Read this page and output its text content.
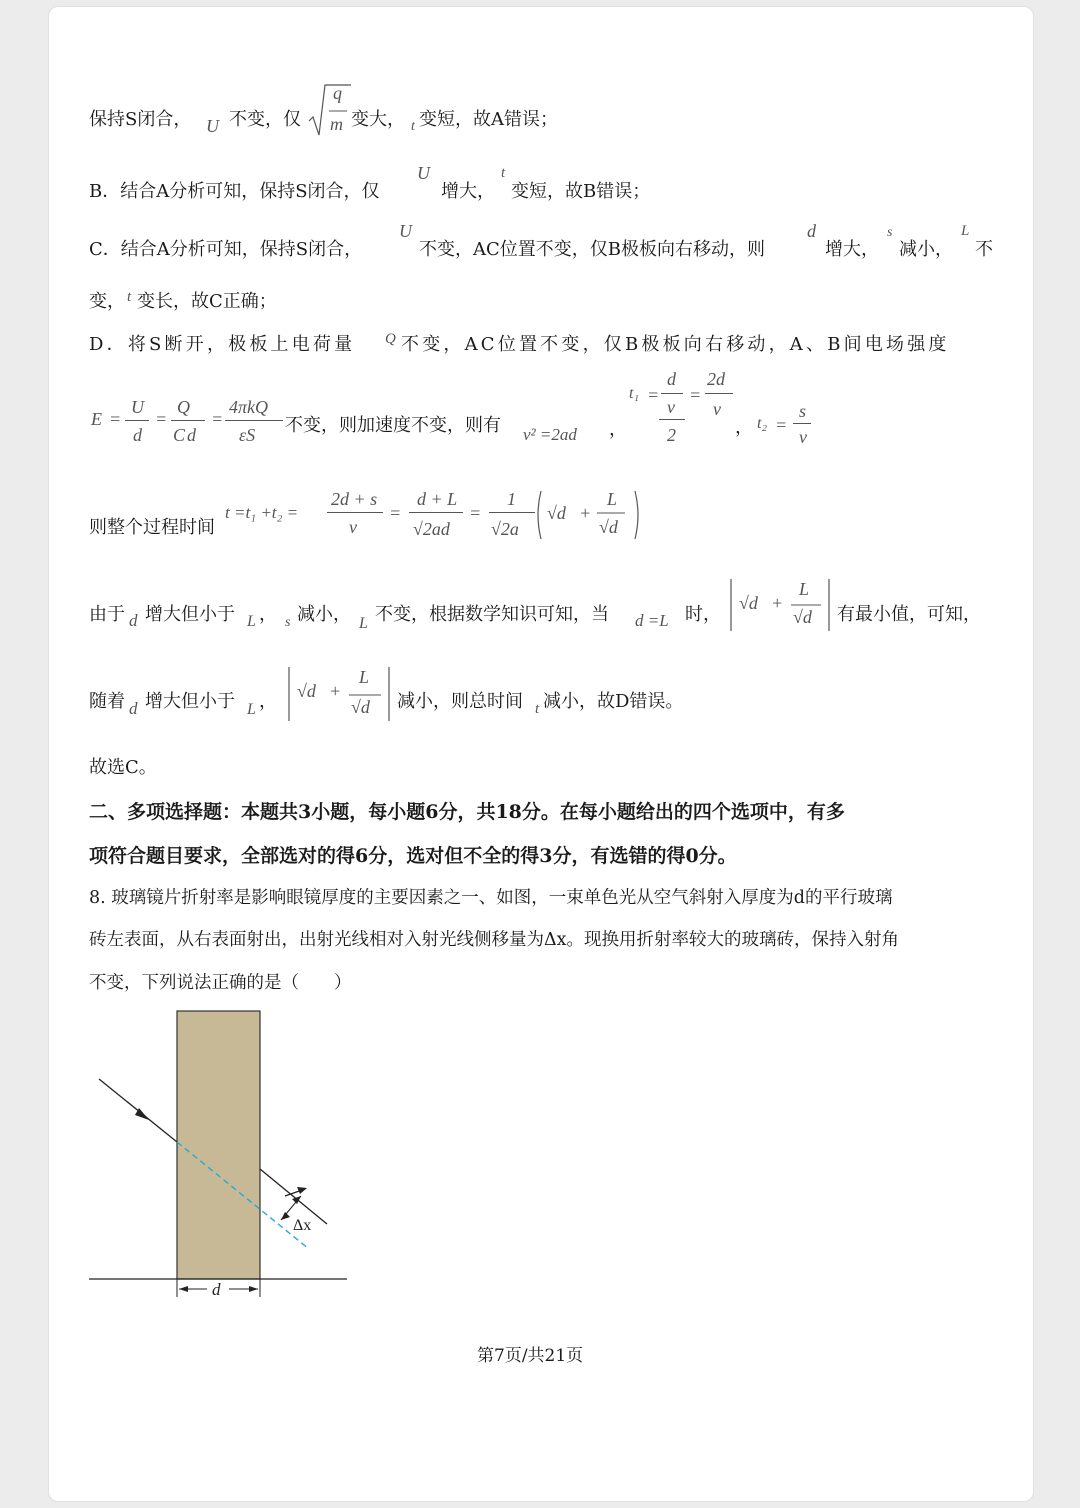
保持S闭合， U 不变，仅
q
m 变大， t 变短，故A错误；
B．结合A分析可知，保持S闭合，仅
U
增大，
t
变短，故B错误；
C．结合A分析可知，保持S闭合，
U
不变，AC位置不变，仅B极板向右移动，则
d
增大，
s
减小，
L
不
变， t 变长，故C正确；
D．将S断开，极板上电荷量 Q 不变，AC位置不变，仅B极板向右移动，A、B间电场强度
E =
U
d
=
Q
C d
=
4πkQ
εS 不变，则加速度不变，则有 v² =2ad ，
t₁ =
d
v
2
=
2d
v
， t₂ =
s
v
则整个过程时间
t =t₁ +t₂ =
2d + s
v
=
d + L
√2ad
=
1
√2a
√d +
L
√d
由于 d 增大但小于 L ， s 减小， L 不变，根据数学知识可知，当 d =L 时，
√d +
L
√d 有最小值，可知，
随着 d 增大但小于 L ， √d +
L
√d 减小，则总时间 t 减小，故D错误。
故选C。
二、多项选择题：本题共3小题，每小题6分，共18分。在每小题给出的四个选项中，有多
项符合题目要求，全部选对的得6分，选对但不全的得3分，有选错的得0分。
8. 玻璃镜片折射率是影响眼镜厚度的主要因素之一、如图，一束单色光从空气斜射入厚度为d的平行玻璃
砖左表面，从右表面射出，出射光线相对入射光线侧移量为Δx。现换用折射率较大的玻璃砖，保持入射角
不变，下列说法正确的是（　　）
d
Δx
第7页/共21页
